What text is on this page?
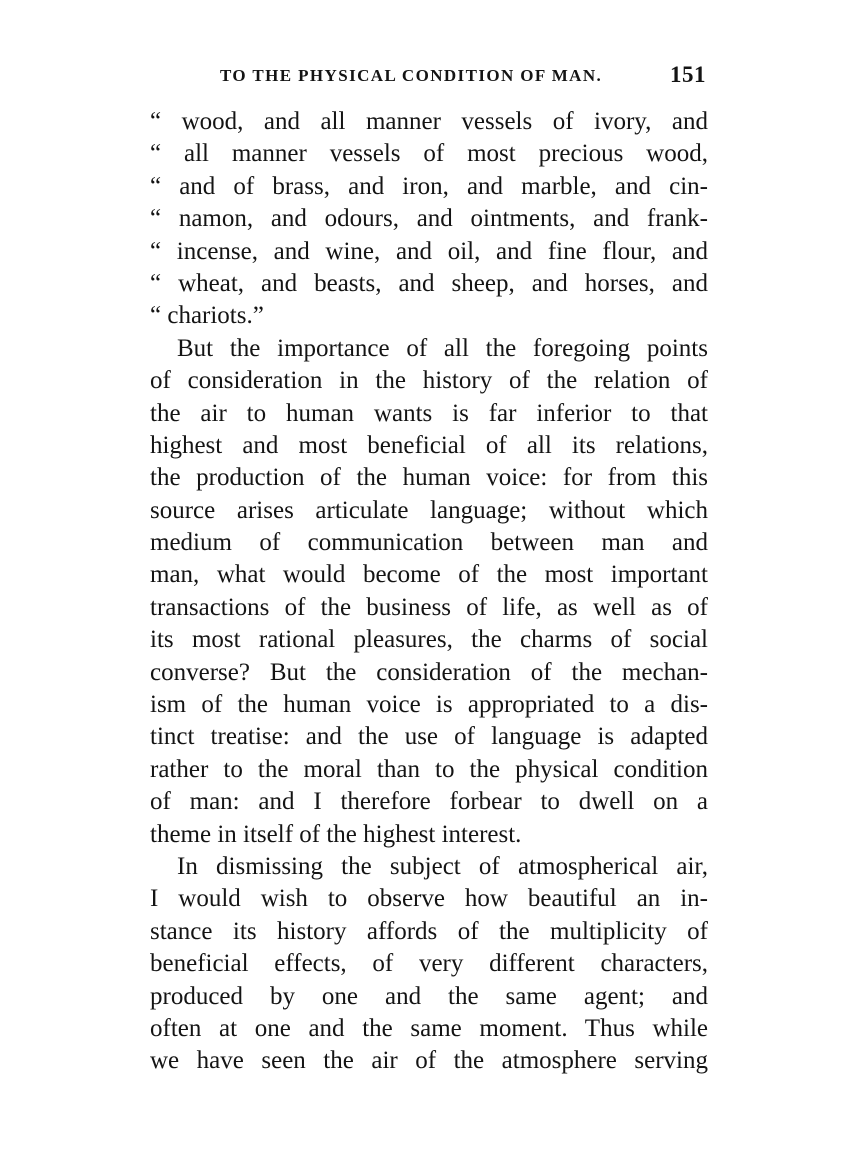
TO THE PHYSICAL CONDITION OF MAN.	151
“ wood, and all manner vessels of ivory, and
“ all manner vessels of most precious wood,
“ and of brass, and iron, and marble, and cin-
“ namon, and odours, and ointments, and frank-
“ incense, and wine, and oil, and fine flour, and
“ wheat, and beasts, and sheep, and horses, and
“ chariots.”
But the importance of all the foregoing points
of consideration in the history of the relation of
the air to human wants is far inferior to that
highest and most beneficial of all its relations,
the production of the human voice: for from this
source arises articulate language; without which
medium of communication between man and
man, what would become of the most important
transactions of the business of life, as well as of
its most rational pleasures, the charms of social
converse? But the consideration of the mechan-
ism of the human voice is appropriated to a dis-
tinct treatise: and the use of language is adapted
rather to the moral than to the physical condition
of man: and I therefore forbear to dwell on a
theme in itself of the highest interest.
In dismissing the subject of atmospherical air,
I would wish to observe how beautiful an in-
stance its history affords of the multiplicity of
beneficial effects, of very different characters,
produced by one and the same agent; and
often at one and the same moment. Thus while
we have seen the air of the atmosphere serving
